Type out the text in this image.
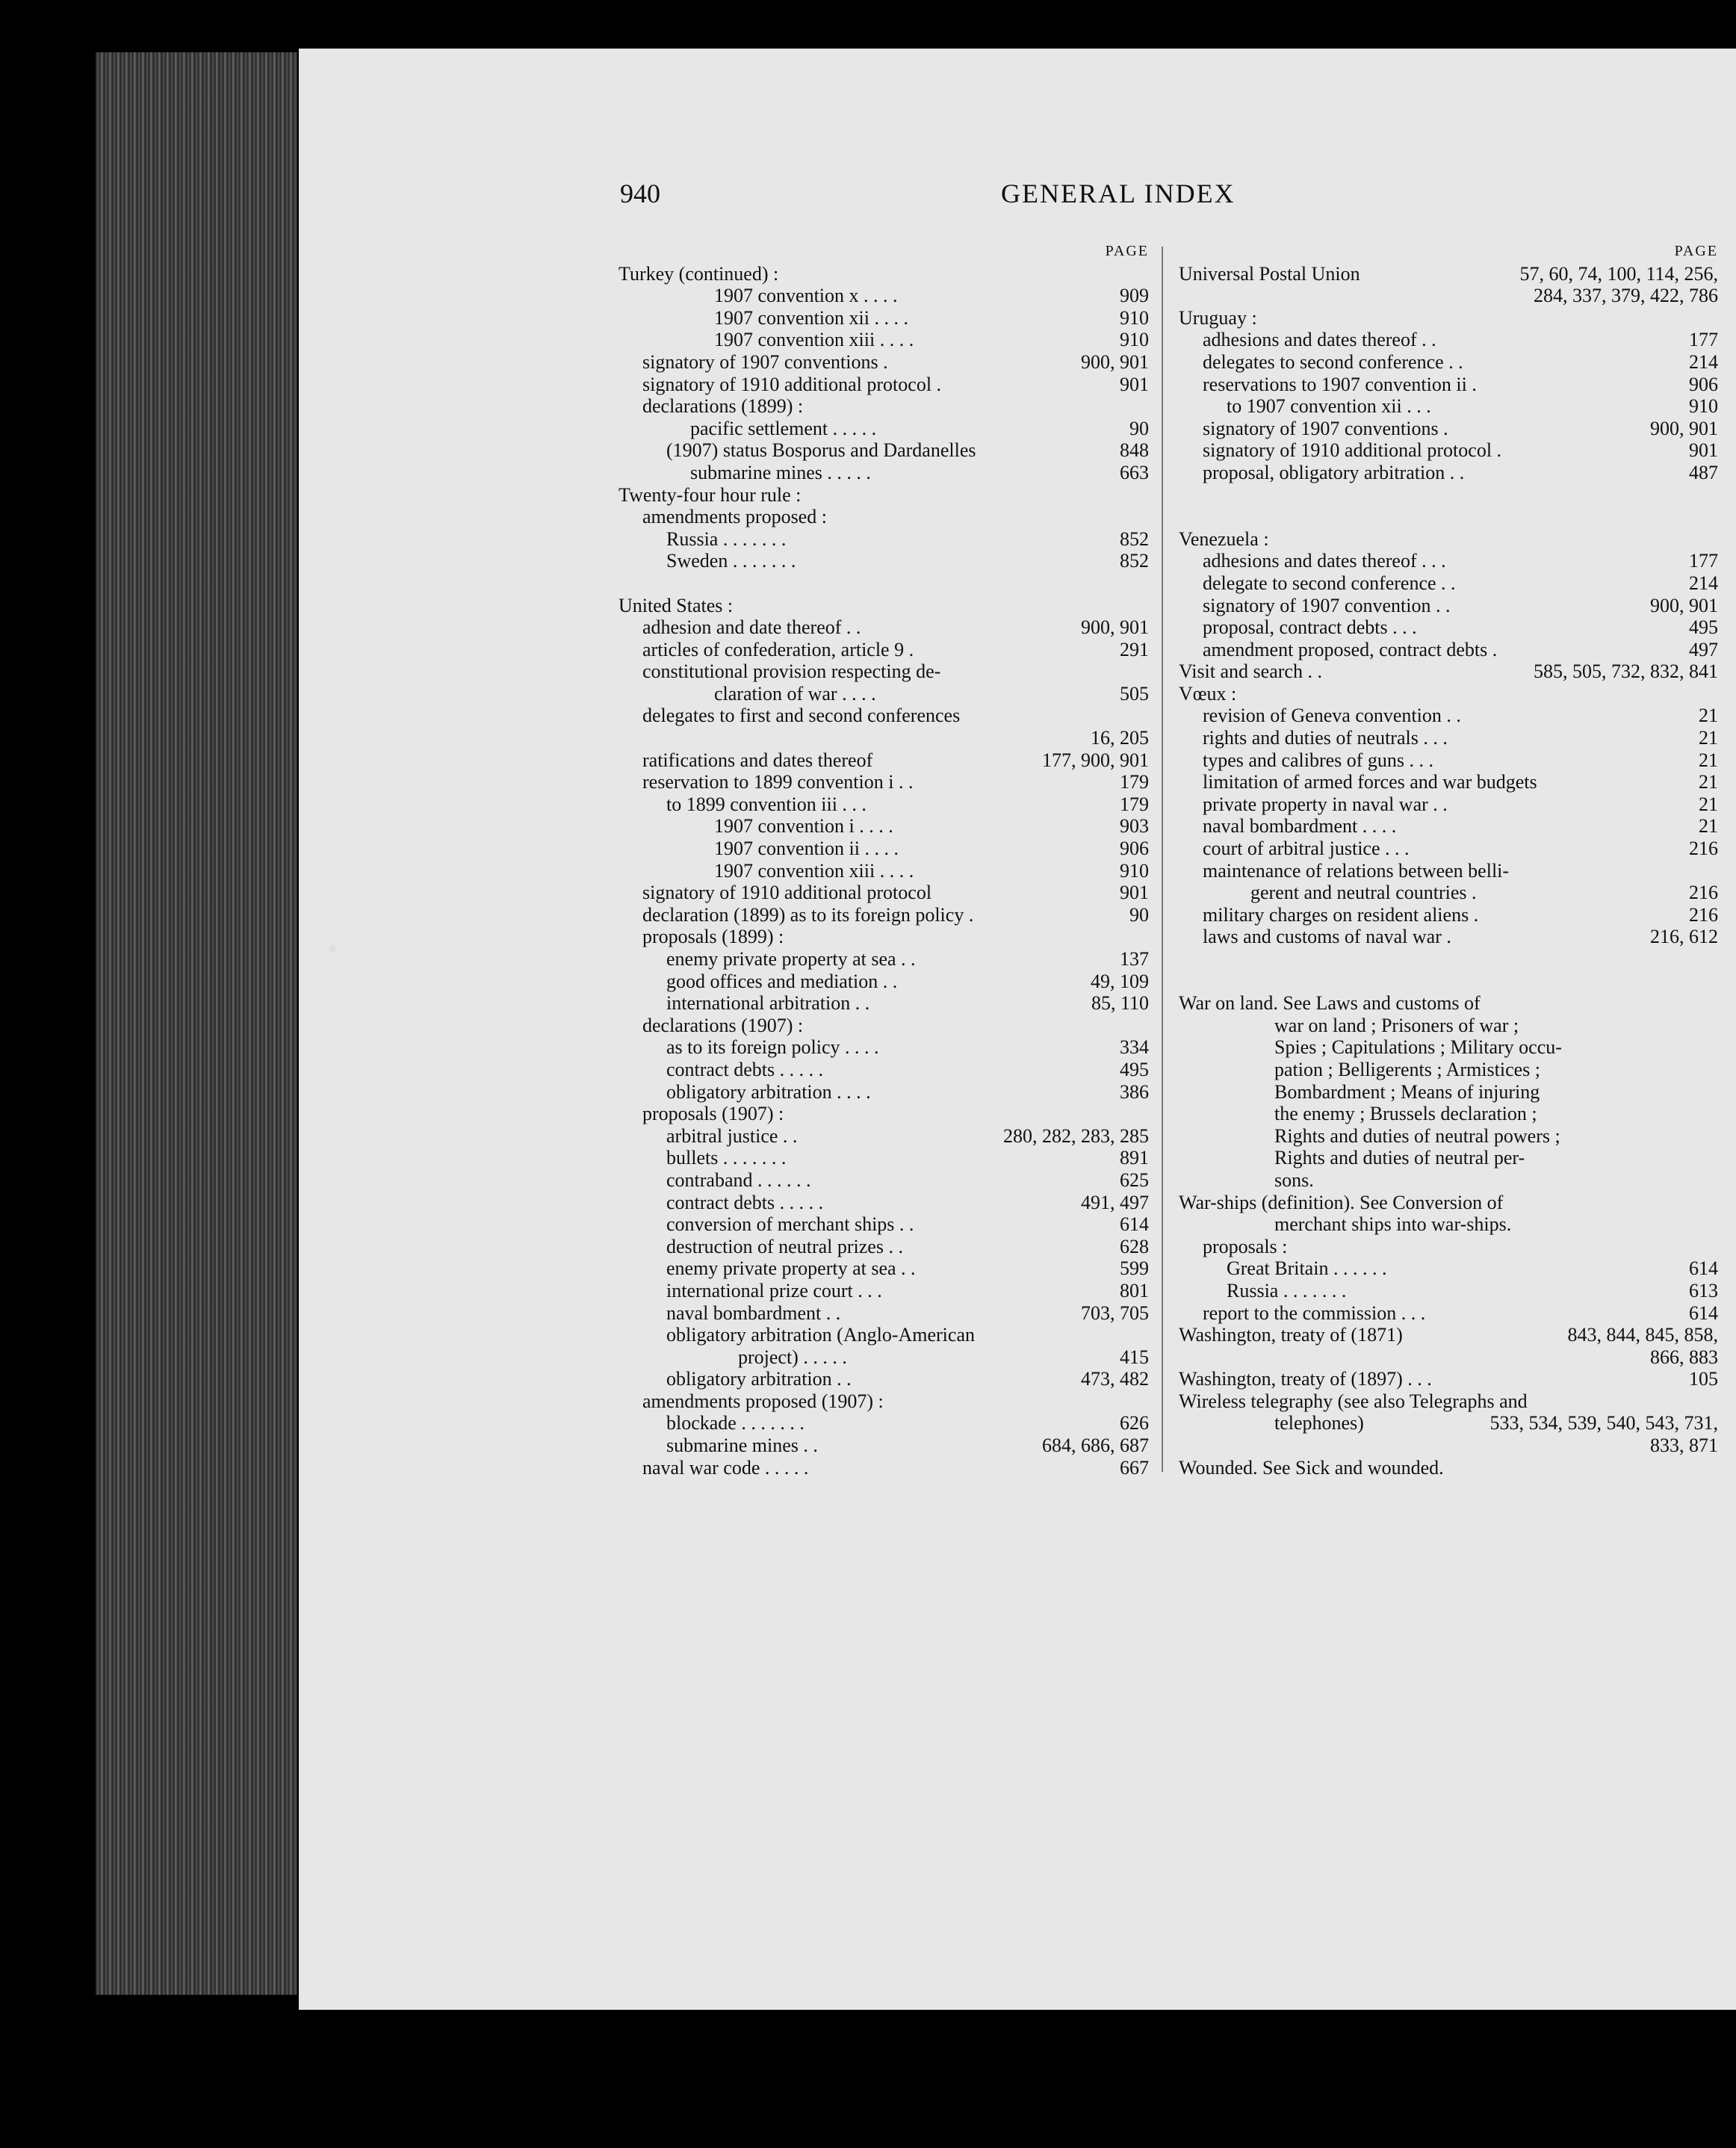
940	GENERAL INDEX
PAGE
Turkey (continued) :
1907 convention x . . . .	909
1907 convention xii . . . .	910
1907 convention xiii . . . .	910
signatory of 1907 conventions .	900, 901
signatory of 1910 additional protocol .	901
declarations (1899) :
pacific settlement . . . . .	90
(1907) status Bosporus and Dardanelles	848
submarine mines . . . . .	663
Twenty-four hour rule :
amendments proposed :
Russia . . . . . . .	852
Sweden . . . . . . .	852
United States :
adhesion and date thereof . .	900, 901
articles of confederation, article 9 .	291
constitutional provision respecting de-
claration of war . . . .	505
delegates to first and second conferences
16, 205
ratifications and dates thereof	177, 900, 901
reservation to 1899 convention i . .	179
to 1899 convention iii . . .	179
1907 convention i . . . .	903
1907 convention ii . . . .	906
1907 convention xiii . . . .	910
signatory of 1910 additional protocol	901
declaration (1899) as to its foreign policy .	90
proposals (1899) :
enemy private property at sea . .	137
good offices and mediation . .	49, 109
international arbitration . .	85, 110
declarations (1907) :
as to its foreign policy . . . .	334
contract debts . . . . .	495
obligatory arbitration . . . .	386
proposals (1907) :
arbitral justice . .	280, 282, 283, 285
bullets . . . . . . .	891
contraband . . . . . .	625
contract debts . . . . .	491, 497
conversion of merchant ships . .	614
destruction of neutral prizes . .	628
enemy private property at sea . .	599
international prize court . . .	801
naval bombardment . .	703, 705
obligatory arbitration (Anglo-American
project) . . . . .	415
obligatory arbitration . .	473, 482
amendments proposed (1907) :
blockade . . . . . . .	626
submarine mines . .	684, 686, 687
naval war code . . . . .	667
PAGE
Universal Postal Union	57, 60, 74, 100, 114, 256,
284, 337, 379, 422, 786
Uruguay :
adhesions and dates thereof . .	177
delegates to second conference . .	214
reservations to 1907 convention ii .	906
to 1907 convention xii . . .	910
signatory of 1907 conventions .	900, 901
signatory of 1910 additional protocol .	901
proposal, obligatory arbitration . .	487
Venezuela :
adhesions and dates thereof . . .	177
delegate to second conference . .	214
signatory of 1907 convention . .	900, 901
proposal, contract debts . . .	495
amendment proposed, contract debts .	497
Visit and search . .	585, 505, 732, 832, 841
Vœux :
revision of Geneva convention . .	21
rights and duties of neutrals . . .	21
types and calibres of guns . . .	21
limitation of armed forces and war budgets	21
private property in naval war . .	21
naval bombardment . . . .	21
court of arbitral justice . . .	216
maintenance of relations between belli-
gerent and neutral countries .	216
military charges on resident aliens .	216
laws and customs of naval war .	216, 612
War on land. See Laws and customs of
war on land ; Prisoners of war ;
Spies ; Capitulations ; Military occu-
pation ; Belligerents ; Armistices ;
Bombardment ; Means of injuring
the enemy ; Brussels declaration ;
Rights and duties of neutral powers ;
Rights and duties of neutral per-
sons.
War-ships (definition). See Conversion of
merchant ships into war-ships.
proposals :
Great Britain . . . . . .	614
Russia . . . . . . .	613
report to the commission . . .	614
Washington, treaty of (1871)	843, 844, 845, 858,
866, 883
Washington, treaty of (1897) . . .	105
Wireless telegraphy (see also Telegraphs and
telephones)	533, 534, 539, 540, 543, 731,
833, 871
Wounded. See Sick and wounded.
